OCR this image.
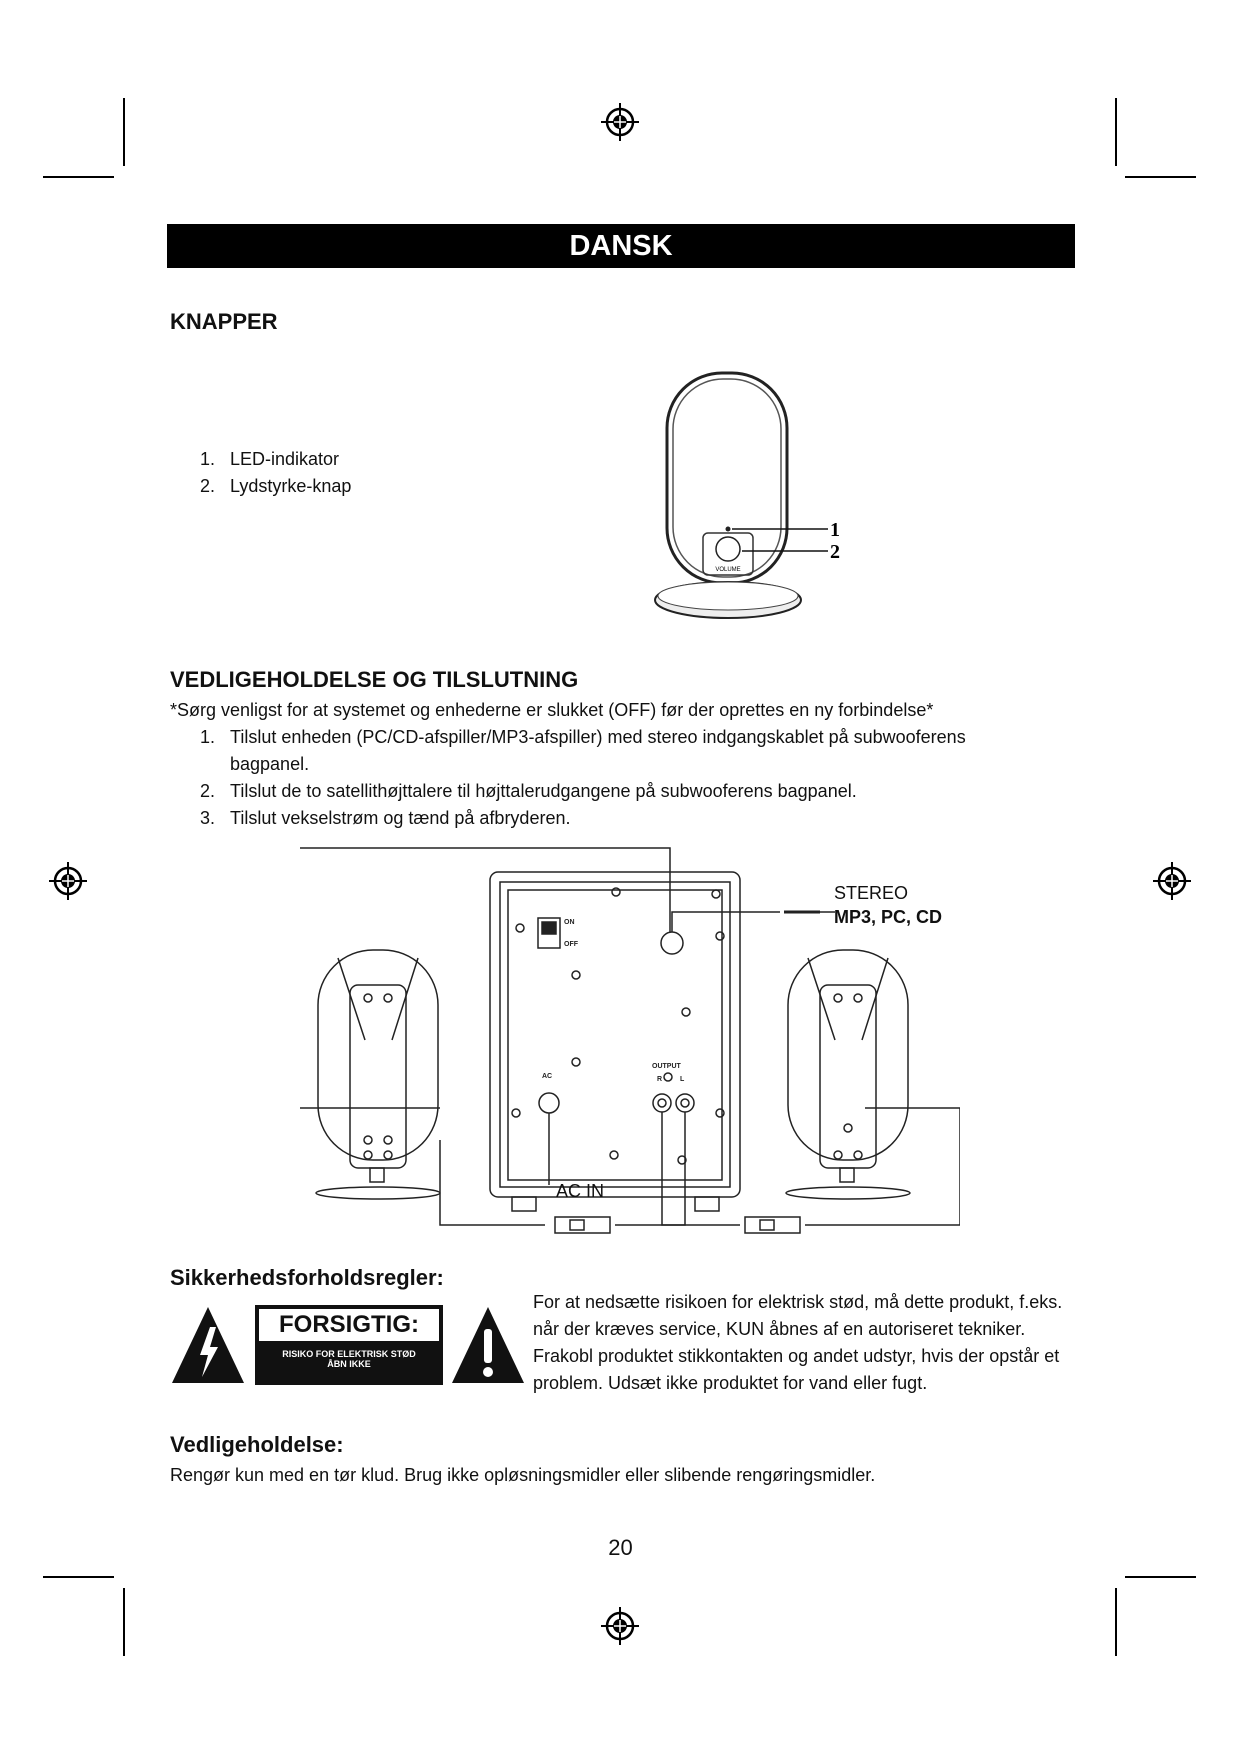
DANSK
KNAPPER
1. LED-indikator
2. Lydstyrke-knap
VOLUME
1
2
VEDLIGEHOLDELSE OG TILSLUTNING
*Sørg venligst for at systemet og enhederne er slukket (OFF) før der oprettes en ny forbindelse*
1. Tilslut enheden (PC/CD-afspiller/MP3-afspiller) med stereo indgangskablet på subwooferens
bagpanel.
2. Tilslut de to satellithøjttalere til højttalerudgangene på subwooferens bagpanel.
3. Tilslut vekselstrøm og tænd på afbryderen.
ON
OFF
AC
OUTPUT
R	L
STEREO
MP3, PC, CD
AC IN
Sikkerhedsforholdsregler:
FORSIGTIG:
RISIKO FOR ELEKTRISK STØD
ÅBN IKKE
For at nedsætte risikoen for elektrisk stød, må dette produkt, f.eks. når der kræves service, KUN åbnes af en autoriseret tekniker. Frakobl produktet stikkontakten og andet udstyr, hvis der opstår et problem. Udsæt ikke produktet for vand eller fugt.
Vedligeholdelse:
Rengør kun med en tør klud. Brug ikke opløsningsmidler eller slibende rengøringsmidler.
20
